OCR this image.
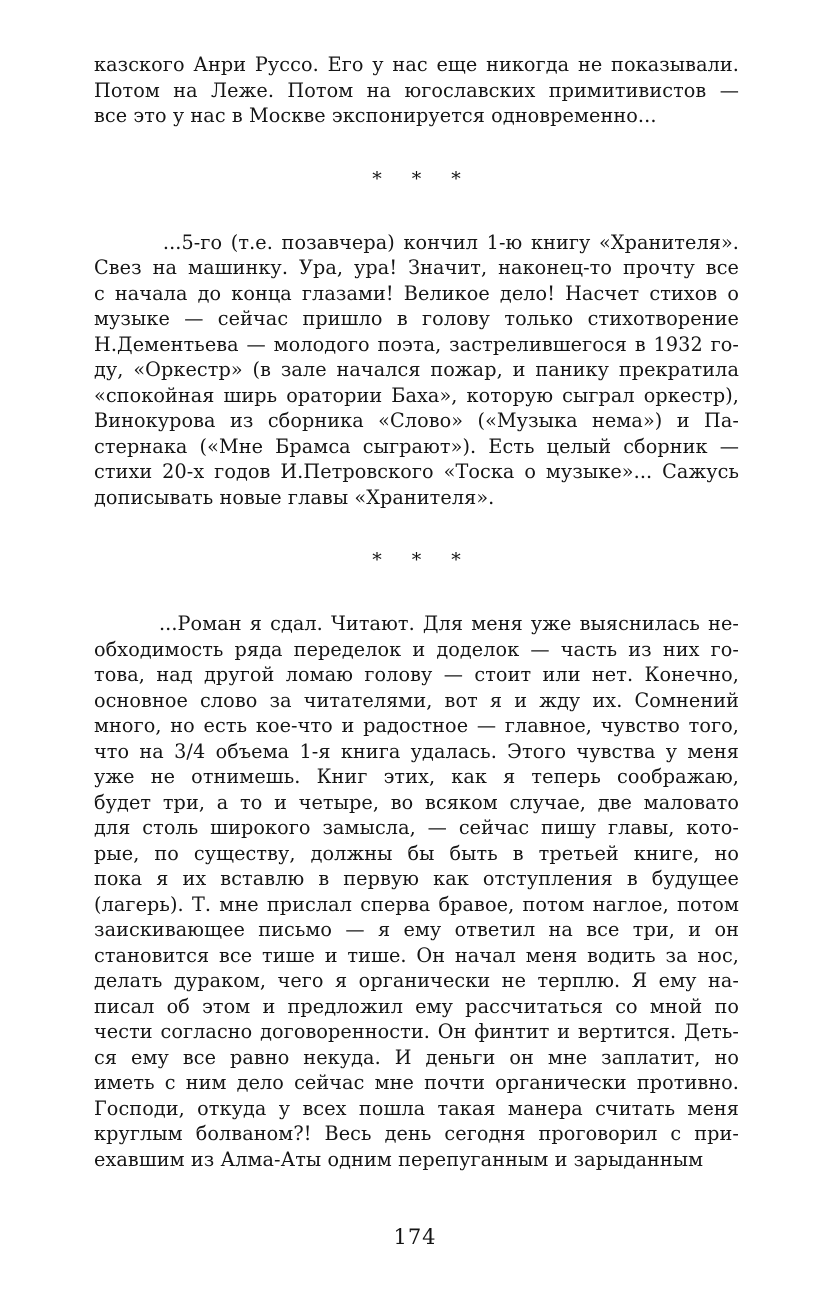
казского Анри Руссо. Его у нас еще никогда не показывали.
Потом на Леже. Потом на югославских примитивистов —
все это у нас в Москве экспонируется одновременно...
* * *
...5-го (т.е. позавчера) кончил 1-ю книгу «Хранителя».
Свез на машинку. Ура, ура! Значит, наконец-то прочту все
с начала до конца глазами! Великое дело! Насчет стихов о
музыке — сейчас пришло в голову только стихотворение
Н.Дементьева — молодого поэта, застрелившегося в 1932 го-
ду, «Оркестр» (в зале начался пожар, и панику прекратила
«спокойная ширь оратории Баха», которую сыграл оркестр),
Винокурова из сборника «Слово» («Музыка нема») и Па-
стернака («Мне Брамса сыграют»). Есть целый сборник —
стихи 20-х годов И.Петровского «Тоска о музыке»... Сажусь
дописывать новые главы «Хранителя».
* * *
...Роман я сдал. Читают. Для меня уже выяснилась не-
обходимость ряда переделок и доделок — часть из них го-
това, над другой ломаю голову — стоит или нет. Конечно,
основное слово за читателями, вот я и жду их. Сомнений
много, но есть кое-что и радостное — главное, чувство того,
что на 3/4 объема 1-я книга удалась. Этого чувства у меня
уже не отнимешь. Книг этих, как я теперь соображаю,
будет три, а то и четыре, во всяком случае, две маловато
для столь широкого замысла, — сейчас пишу главы, кото-
рые, по существу, должны бы быть в третьей книге, но
пока я их вставлю в первую как отступления в будущее
(лагерь). Т. мне прислал сперва бравое, потом наглое, потом
заискивающее письмо — я ему ответил на все три, и он
становится все тише и тише. Он начал меня водить за нос,
делать дураком, чего я органически не терплю. Я ему на-
писал об этом и предложил ему рассчитаться со мной по
чести согласно договоренности. Он финтит и вертится. Деть-
ся ему все равно некуда. И деньги он мне заплатит, но
иметь с ним дело сейчас мне почти органически противно.
Господи, откуда у всех пошла такая манера считать меня
круглым болваном?! Весь день сегодня проговорил с при-
ехавшим из Алма-Аты одним перепуганным и зарыданным
174
